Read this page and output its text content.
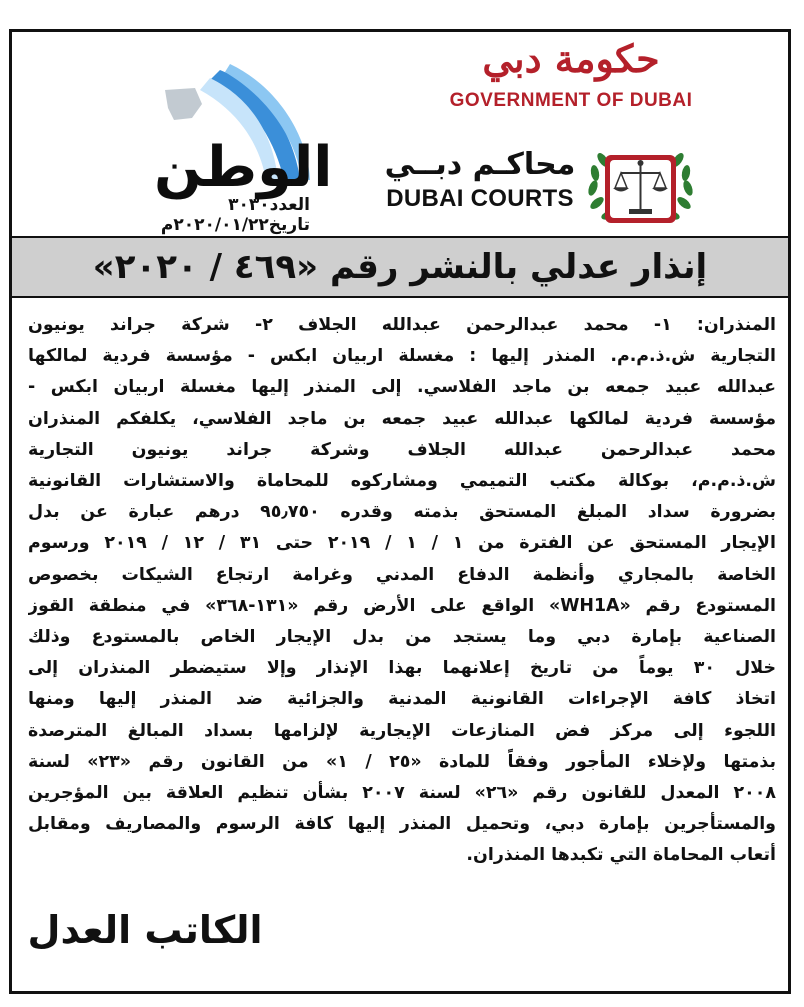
الوطن
العدد٣٠٣٠ تاريخ٢٠٢٠/٠١/٢٢م
حكومة دبي
GOVERNMENT OF DUBAI
محاكـم دبــي
DUBAI COURTS
إنذار عدلي بالنشر رقم «٤٦٩ / ٢٠٢٠»
المنذران: ١- محمد عبدالرحمن عبدالله الجلاف ٢- شركة جراند يونيون
التجارية ش.ذ.م.م. المنذر إليها : مغسلة اربيان ابكس - مؤسسة فردية لمالكها
عبدالله عبيد جمعه بن ماجد الفلاسي. إلى المنذر إليها مغسلة اربيان ابكس -
مؤسسة فردية لمالكها عبدالله عبيد جمعه بن ماجد الفلاسي، يكلفكم المنذران
محمد عبدالرحمن عبدالله الجلاف وشركة جراند يونيون التجارية
ش.ذ.م.م، بوكالة مكتب التميمي ومشاركوه للمحاماة والاستشارات القانونية
بضرورة سداد المبلغ المستحق بذمته وقدره ٩٥٫٧٥٠ درهم عبارة عن بدل
الإيجار المستحق عن الفترة من ١ / ١ / ٢٠١٩ حتى ٣١ / ١٢ / ٢٠١٩ ورسوم
الخاصة بالمجاري وأنظمة الدفاع المدني وغرامة ارتجاع الشيكات بخصوص
المستودع رقم «WH1A» الواقع على الأرض رقم «١٣١-٣٦٨» في منطقة القوز
الصناعية بإمارة دبي وما يستجد من بدل الإيجار الخاص بالمستودع وذلك
خلال ٣٠ يوماً من تاريخ إعلانهما بهذا الإنذار وإلا ستيضطر المنذران إلى
اتخاذ كافة الإجراءات القانونية المدنية والجزائية ضد المنذر إليها ومنها
اللجوء إلى مركز فض المنازعات الإيجارية لإلزامها بسداد المبالغ المترصدة
بذمتها ولإخلاء المأجور وفقاً للمادة «٢٥ / ١» من القانون رقم «٢٣» لسنة
٢٠٠٨ المعدل للقانون رقم «٢٦» لسنة ٢٠٠٧ بشأن تنظيم العلاقة بين المؤجرين
والمستأجرين بإمارة دبي، وتحميل المنذر إليها كافة الرسوم والمصاريف ومقابل
أتعاب المحاماة التي تكبدها المنذران.
الكاتب العدل
